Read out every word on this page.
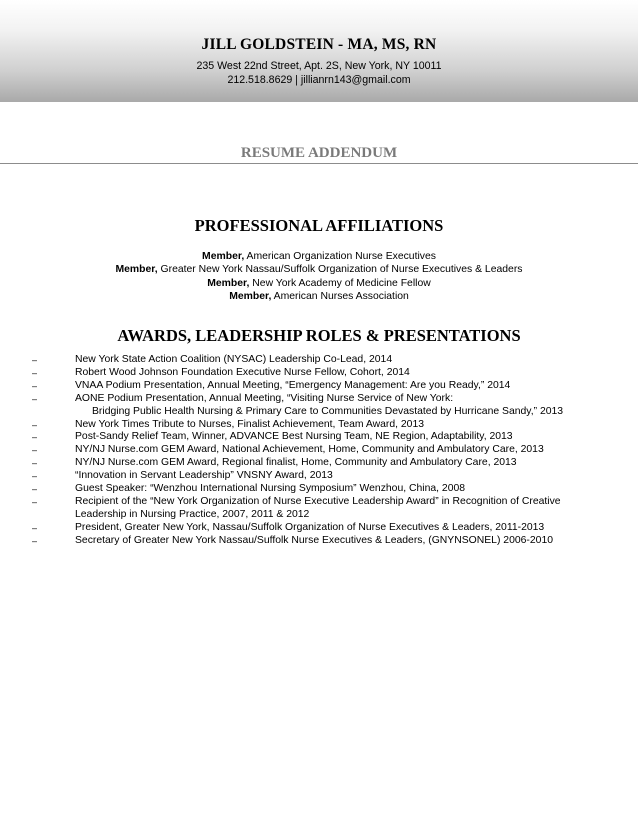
JILL GOLDSTEIN - MA, MS, RN
235 West 22nd Street, Apt. 2S, New York, NY 10011
212.518.8629 | jillianrn143@gmail.com
RESUME ADDENDUM
PROFESSIONAL AFFILIATIONS
Member, American Organization Nurse Executives
Member, Greater New York Nassau/Suffolk Organization of Nurse Executives & Leaders
Member, New York Academy of Medicine Fellow
Member, American Nurses Association
AWARDS, LEADERSHIP ROLES & PRESENTATIONS
–	New York State Action Coalition (NYSAC) Leadership Co-Lead, 2014
–	Robert Wood Johnson Foundation Executive Nurse Fellow, Cohort, 2014
–	VNAA Podium Presentation, Annual Meeting, “Emergency Management: Are you Ready,” 2014
–	AONE Podium Presentation, Annual Meeting, “Visiting Nurse Service of New York:
Bridging Public Health Nursing & Primary Care to Communities Devastated by Hurricane Sandy,” 2013
–	New York Times Tribute to Nurses, Finalist Achievement, Team Award, 2013
–	Post-Sandy Relief Team, Winner, ADVANCE Best Nursing Team, NE Region, Adaptability, 2013
–	NY/NJ Nurse.com GEM Award, National Achievement, Home, Community and Ambulatory Care, 2013
–	NY/NJ Nurse.com GEM Award, Regional finalist, Home, Community and Ambulatory Care, 2013
–	“Innovation in Servant Leadership” VNSNY Award, 2013
–	Guest Speaker: “Wenzhou International Nursing Symposium” Wenzhou, China, 2008
–	Recipient of the “New York Organization of Nurse Executive Leadership Award” in Recognition of Creative Leadership in Nursing Practice, 2007, 2011 & 2012
–	President, Greater New York, Nassau/Suffolk Organization of Nurse Executives & Leaders, 2011-2013
–	Secretary of Greater New York Nassau/Suffolk Nurse Executives & Leaders, (GNYNSONEL) 2006-2010
